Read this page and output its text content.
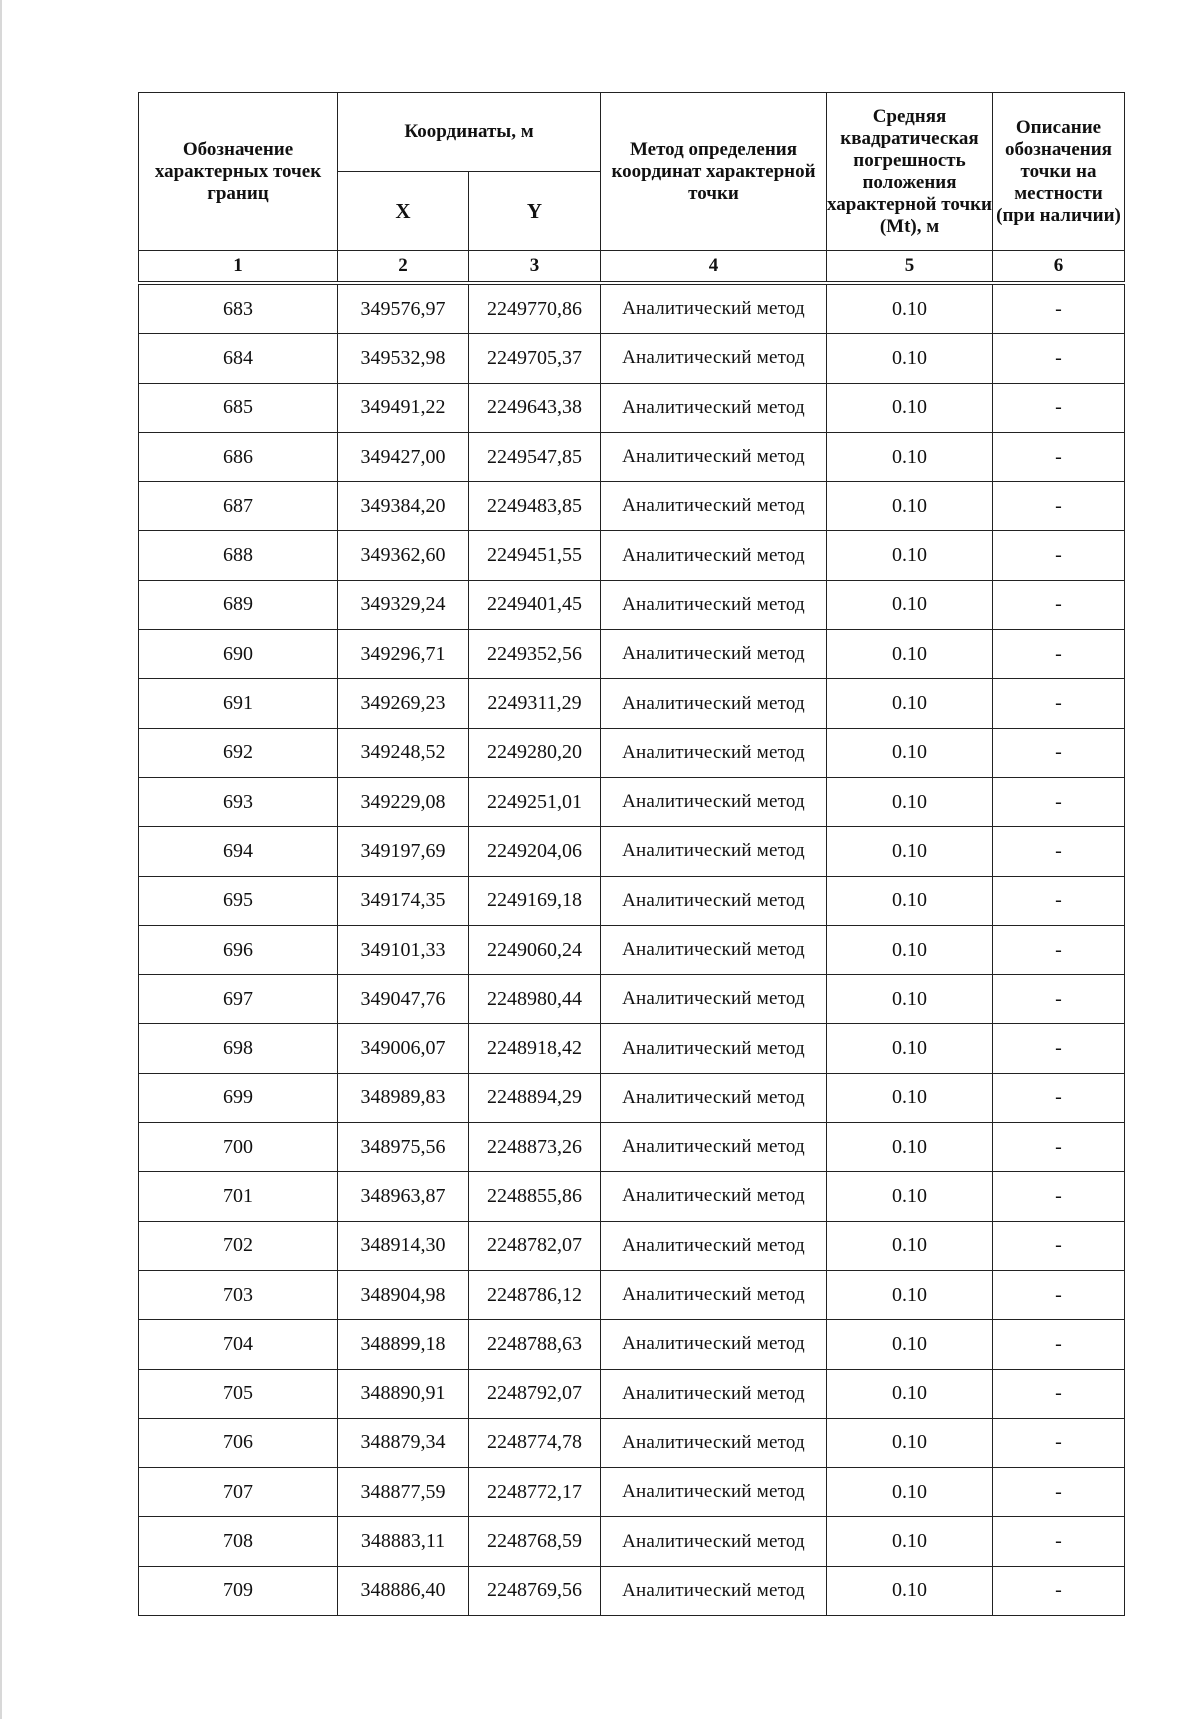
Обозначение характерных точек границ	Координаты, м		Метод определения координат характерной точки	Средняя квадратическая погрешность положения характерной точки (Mt), м	Описание обозначения точки на местности (при наличии)
	X	Y			
1	2	3	4	5	6
683	349576,97	2249770,86	Аналитический метод	0.10	-
684	349532,98	2249705,37	Аналитический метод	0.10	-
685	349491,22	2249643,38	Аналитический метод	0.10	-
686	349427,00	2249547,85	Аналитический метод	0.10	-
687	349384,20	2249483,85	Аналитический метод	0.10	-
688	349362,60	2249451,55	Аналитический метод	0.10	-
689	349329,24	2249401,45	Аналитический метод	0.10	-
690	349296,71	2249352,56	Аналитический метод	0.10	-
691	349269,23	2249311,29	Аналитический метод	0.10	-
692	349248,52	2249280,20	Аналитический метод	0.10	-
693	349229,08	2249251,01	Аналитический метод	0.10	-
694	349197,69	2249204,06	Аналитический метод	0.10	-
695	349174,35	2249169,18	Аналитический метод	0.10	-
696	349101,33	2249060,24	Аналитический метод	0.10	-
697	349047,76	2248980,44	Аналитический метод	0.10	-
698	349006,07	2248918,42	Аналитический метод	0.10	-
699	348989,83	2248894,29	Аналитический метод	0.10	-
700	348975,56	2248873,26	Аналитический метод	0.10	-
701	348963,87	2248855,86	Аналитический метод	0.10	-
702	348914,30	2248782,07	Аналитический метод	0.10	-
703	348904,98	2248786,12	Аналитический метод	0.10	-
704	348899,18	2248788,63	Аналитический метод	0.10	-
705	348890,91	2248792,07	Аналитический метод	0.10	-
706	348879,34	2248774,78	Аналитический метод	0.10	-
707	348877,59	2248772,17	Аналитический метод	0.10	-
708	348883,11	2248768,59	Аналитический метод	0.10	-
709	348886,40	2248769,56	Аналитический метод	0.10	-
